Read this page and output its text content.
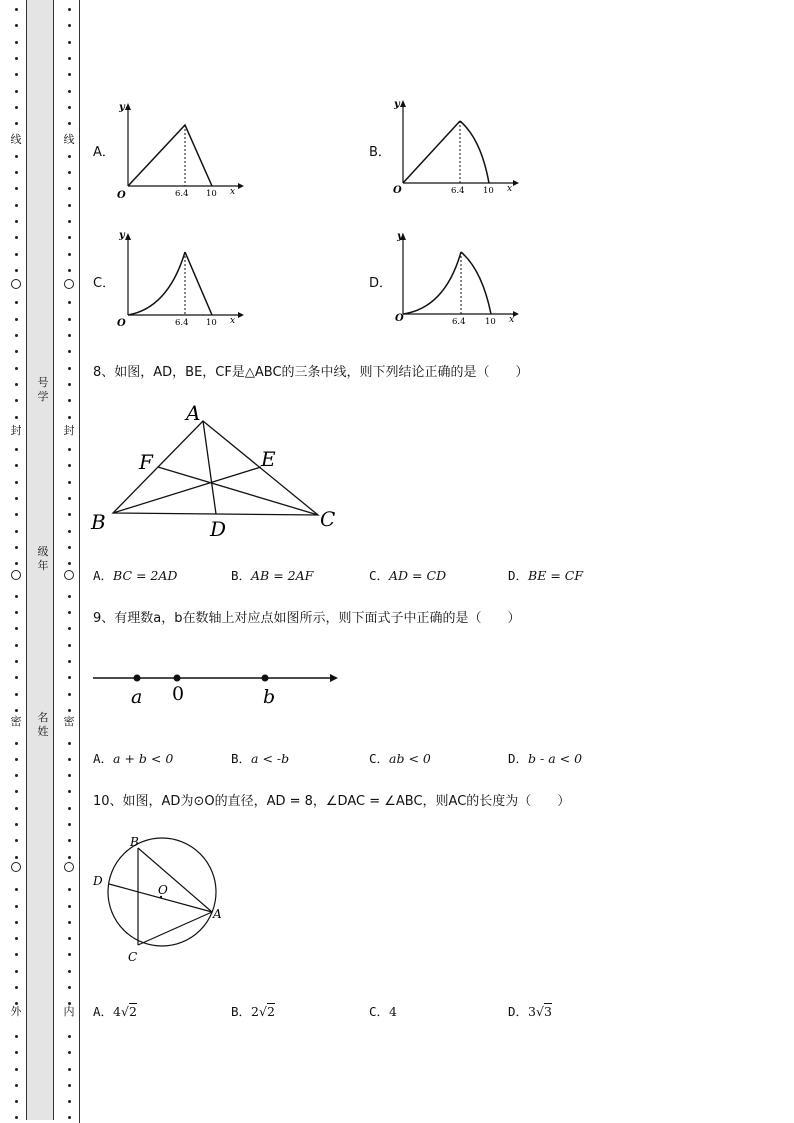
线
封
密
外
线
封
密
内
号学
级年
名姓
A．	B．
C．	D．
y
O	6.4 10 x
y
O	6.4 10 x
y
O	6.4 10 x
y
O	6.4 10 x
8、如图，AD，BE，CF是△ABC的三条中线，则下列结论正确的是（　　）
A
B	C
D
E
F
A．BC = 2AD	B．AB = 2AF	C．AD = CD	D．BE = CF
9、有理数a，b在数轴上对应点如图所示，则下面式子中正确的是（　　）
a 0	b
A．a + b < 0	B．a < -b	C．ab < 0	D．b - a < 0
10、如图，AD为⊙O的直径，AD = 8，∠DAC = ∠ABC，则AC的长度为（　　）
B
D
O
A
C
A．4√2	B．2√2	C．4	D．3√3
